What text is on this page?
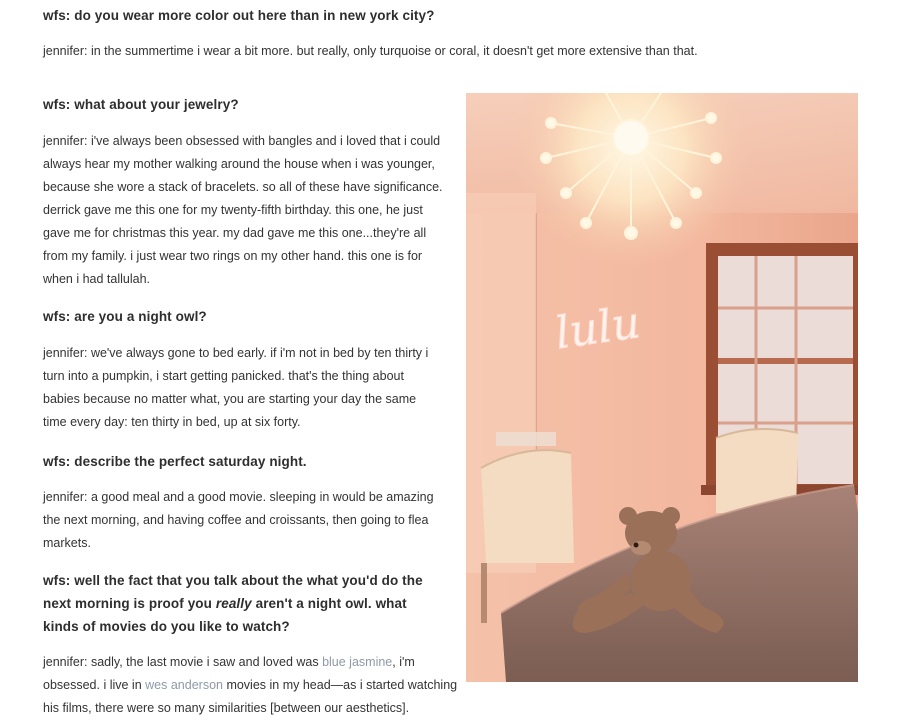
wfs: do you wear more color out here than in new york city?

jennifer: in the summertime i wear a bit more. but really, only turquoise or coral, it doesn't get more extensive than that.

wfs: what about your jewelry?

jennifer: i've always been obsessed with bangles and i loved that i could always hear my mother walking around the house when i was younger, because she wore a stack of bracelets. so all of these have significance. derrick gave me this one for my twenty-fifth birthday. this one, he just gave me for christmas this year. my dad gave me this one...they're all from my family. i just wear two rings on my other hand. this one is for when i had tallulah.

wfs: are you a night owl?

jennifer: we've always gone to bed early. if i'm not in bed by ten thirty i turn into a pumpkin, i start getting panicked. that's the thing about babies because no matter what, you are starting your day the same time every day: ten thirty in bed, up at six forty.

wfs: describe the perfect saturday night.

jennifer: a good meal and a good movie. sleeping in would be amazing the next morning, and having coffee and croissants, then going to flea markets.

wfs: well the fact that you talk about the what you'd do the next morning is proof you really aren't a night owl. what kinds of movies do you like to watch?

jennifer: sadly, the last movie i saw and loved was blue jasmine, i'm obsessed. i live in wes anderson movies in my head—as i started watching his films, there were so many similarities [between our aesthetics].

lulu
